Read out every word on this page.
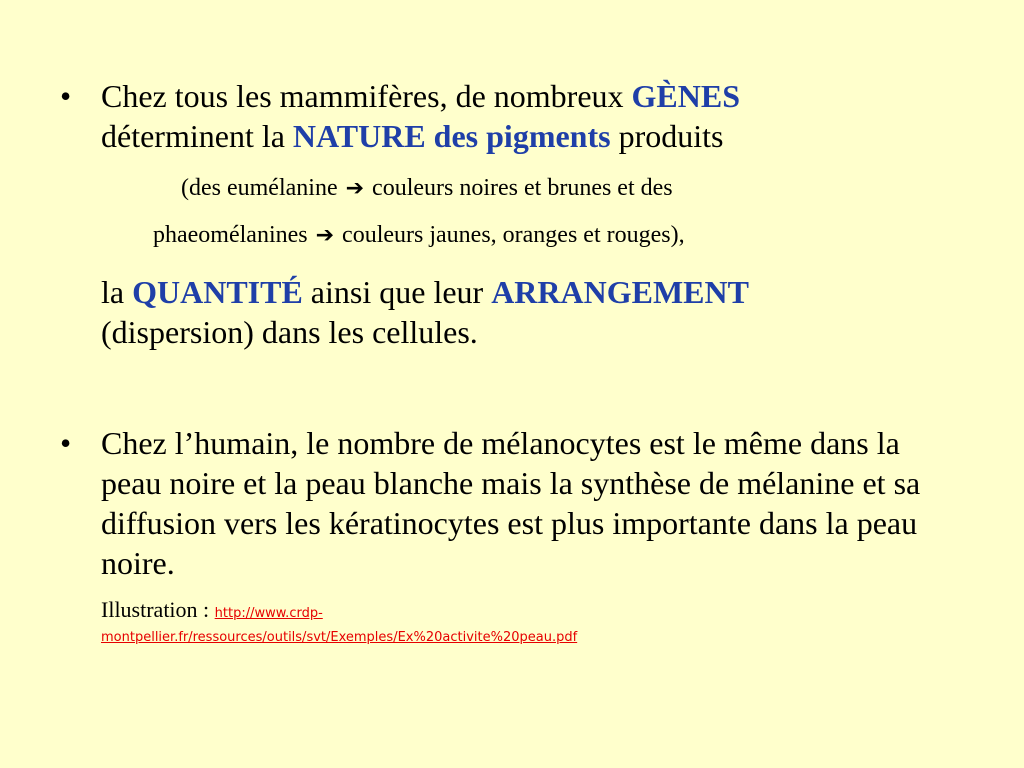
• Chez tous les mammifères, de nombreux GÈNES
déterminent la NATURE des pigments produits
(des eumélanine ➔ couleurs noires et brunes et des
phaeomélanines ➔ couleurs jaunes, oranges et rouges),
la QUANTITÉ ainsi que leur ARRANGEMENT
(dispersion) dans les cellules.
• Chez l’humain, le nombre de mélanocytes est le même dans la peau noire et la peau blanche mais la synthèse de mélanine et sa diffusion vers les kératinocytes est plus importante dans la peau noire.
Illustration : http://www.crdp-
montpellier.fr/ressources/outils/svt/Exemples/Ex%20activite%20peau.pdf
